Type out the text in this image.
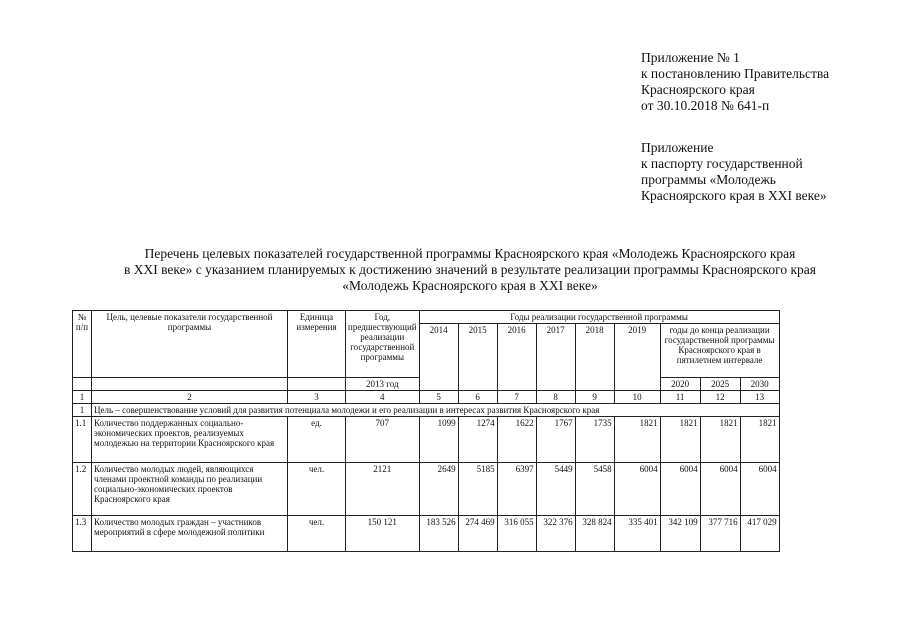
Приложение № 1
к постановлению Правительства
Красноярского края
от 30.10.2018 № 641-п
Приложение
к паспорту государственной
программы «Молодежь
Красноярского края в XXI веке»
Перечень целевых показателей государственной программы Красноярского края «Молодежь Красноярского края
в XXI веке» с указанием планируемых к достижению значений в результате реализации программы Красноярского края
«Молодежь Красноярского края в XXI веке»
№ п/п	Цель, целевые показатели государственной программы	Единица измерения	Год, предшествующий реализации государственной программы	Годы реализации государственной программы								
				2014	2015	2016	2017	2018	2019	годы до конца реализации государственной программы Красноярского края в пятилетнем интервале		
			2013 год							2020	2025	2030
1	2	3	4	5	6	7	8	9	10	11	12	13
1	Цель – совершенствование условий для развития потенциала молодежи и его реализации в интересах развития Красноярского края											
1.1	Количество поддержанных социально-экономических проектов, реализуемых молодежью на территории Красноярского края	ед.	707	1099	1274	1622	1767	1735	1821	1821	1821	1821
1.2	Количество молодых людей, являющихся членами проектной команды по реализации социально-экономических проектов Красноярского края	чел.	2121	2649	5185	6397	5449	5458	6004	6004	6004	6004
1.3	Количество молодых граждан – участников мероприятий в сфере молодежной политики	чел.	150 121	183 526	274 469	316 055	322 376	328 824	335 401	342 109	377 716	417 029
